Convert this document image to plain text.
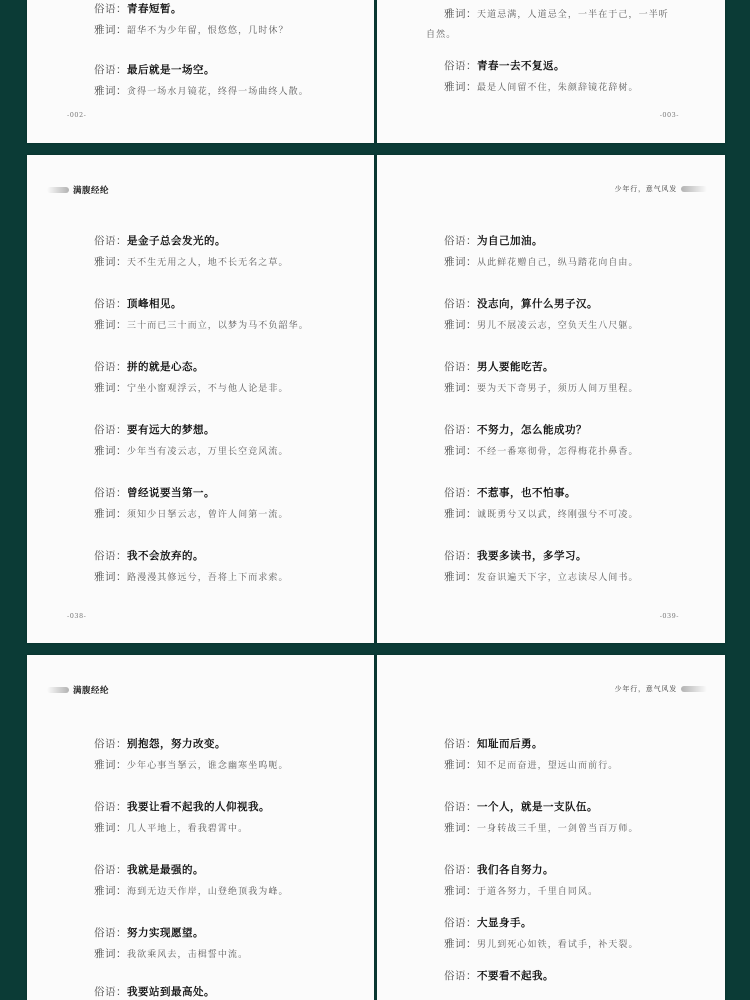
俗语： 青春短暂。
雅词： 韶华不为少年留，恨悠悠，几时休？
俗语： 最后就是一场空。
雅词： 贪得一场水月镜花，终得一场曲终人散。
-002-
雅词： 天道忌满，人道忌全，一半在于己，一半听
自然。
俗语： 青春一去不复返。
雅词： 最是人间留不住，朱颜辞镜花辞树。
-003-
满腹经纶
俗语： 是金子总会发光的。
雅词： 天不生无用之人，地不长无名之草。
俗语： 顶峰相见。
雅词： 三十而已三十而立，以梦为马不负韶华。
俗语： 拼的就是心态。
雅词： 宁坐小窗观浮云，不与他人论是非。
俗语： 要有远大的梦想。
雅词： 少年当有凌云志，万里长空竞风流。
俗语： 曾经说要当第一。
雅词： 须知少日拏云志，曾许人间第一流。
俗语： 我不会放弃的。
雅词： 路漫漫其修远兮，吾将上下而求索。
-038-
少年行，意气风发
俗语： 为自己加油。
雅词： 从此鲜花赠自己，纵马踏花向自由。
俗语： 没志向，算什么男子汉。
雅词： 男儿不展凌云志，空负天生八尺躯。
俗语： 男人要能吃苦。
雅词： 要为天下奇男子，须历人间万里程。
俗语： 不努力，怎么能成功？
雅词： 不经一番寒彻骨，怎得梅花扑鼻香。
俗语： 不惹事，也不怕事。
雅词： 诚既勇兮又以武，终刚强兮不可凌。
俗语： 我要多读书，多学习。
雅词： 发奋识遍天下字，立志读尽人间书。
-039-
满腹经纶
俗语： 别抱怨，努力改变。
雅词： 少年心事当拏云，谁念幽寒坐呜呃。
俗语： 我要让看不起我的人仰视我。
雅词： 几人平地上，看我碧霄中。
俗语： 我就是最强的。
雅词： 海到无边天作岸，山登绝顶我为峰。
俗语： 努力实现愿望。
雅词： 我欲乘风去，击楫誓中流。
俗语： 我要站到最高处。
少年行，意气风发
俗语： 知耻而后勇。
雅词： 知不足而奋进，望远山而前行。
俗语： 一个人，就是一支队伍。
雅词： 一身转战三千里，一剑曾当百万师。
俗语： 我们各自努力。
雅词： 于道各努力，千里自同风。
俗语： 大显身手。
雅词： 男儿到死心如铁，看试手，补天裂。
俗语： 不要看不起我。
